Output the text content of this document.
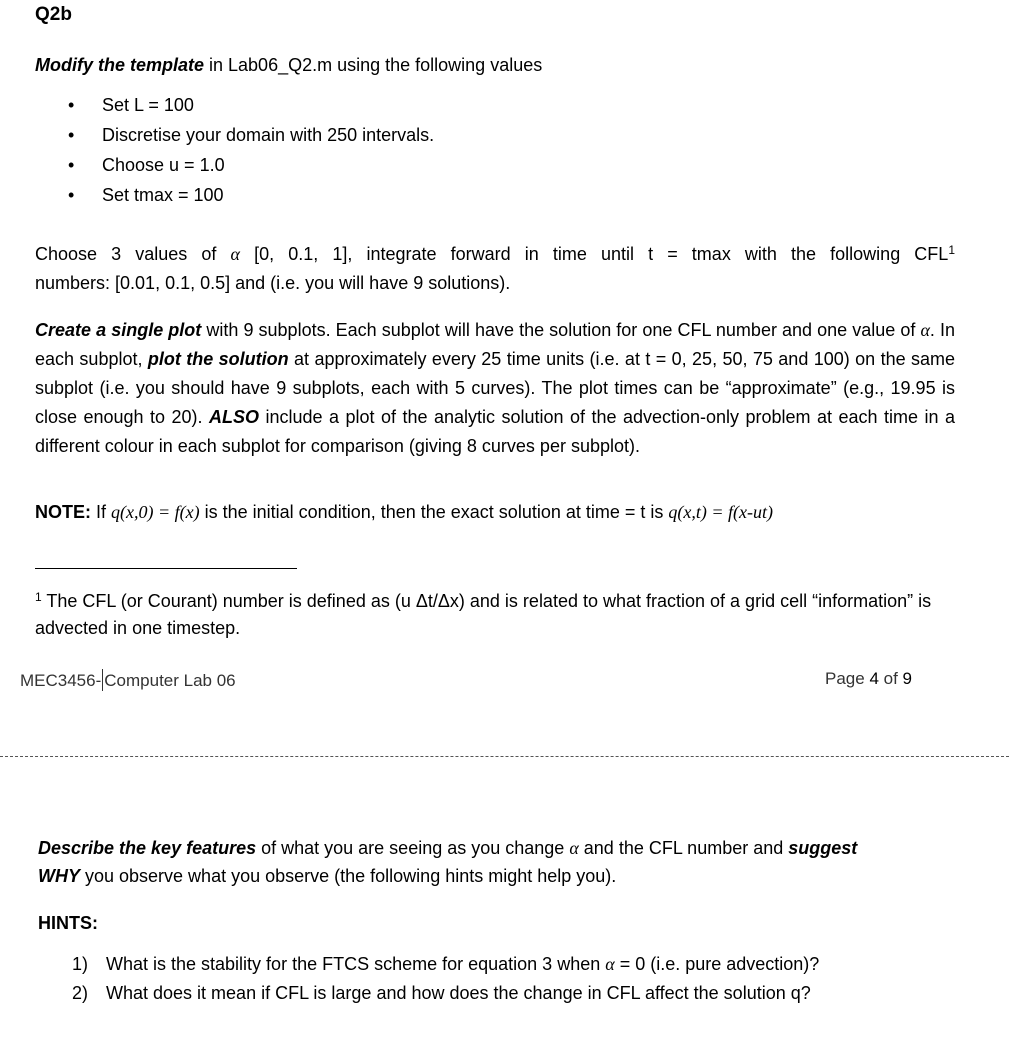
Q2b
Modify the template in Lab06_Q2.m using the following values
• Set L = 100
• Discretise your domain with 250 intervals.
• Choose u = 1.0
• Set tmax = 100
Choose 3 values of α [0, 0.1, 1], integrate forward in time until t = tmax with the following CFL$^1$
numbers: [0.01, 0.1, 0.5] and (i.e. you will have 9 solutions).
Create a single plot with 9 subplots. Each subplot will have the solution for one CFL number and one value of α. In each subplot, plot the solution at approximately every 25 time units (i.e. at t = 0, 25, 50, 75 and 100) on the same subplot (i.e. you should have 9 subplots, each with 5 curves). The plot times can be “approximate” (e.g., 19.95 is close enough to 20). ALSO include a plot of the analytic solution of the advection-only problem at each time in a different colour in each subplot for comparison (giving 8 curves per subplot).
NOTE: If q(x,0) = f(x) is the initial condition, then the exact solution at time = t is q(x,t) = f(x-ut)
$^1$ The CFL (or Courant) number is defined as (u Δt/Δx) and is related to what fraction of a grid cell “information” is advected in one timestep.
MEC3456- Computer Lab 06	Page 4 of 9
Describe the key features of what you are seeing as you change α and the CFL number and suggest
WHY you observe what you observe (the following hints might help you).
HINTS:
1) What is the stability for the FTCS scheme for equation 3 when α = 0 (i.e. pure advection)?
2) What does it mean if CFL is large and how does the change in CFL affect the solution q?
